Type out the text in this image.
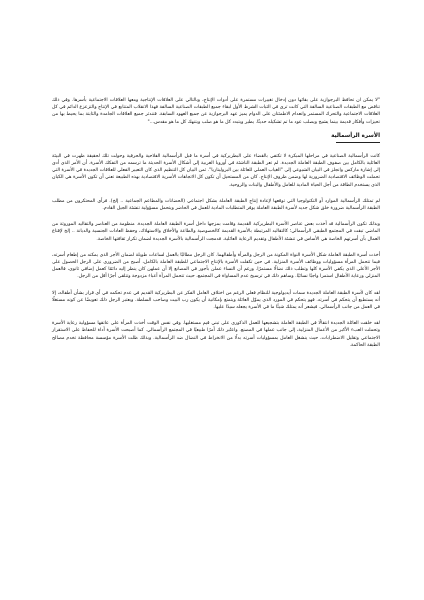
"لا يمكن ان تحافظ البرجوازية على بقائها دون إدخال تغييرات مستمرة على أدوات الإنتاج، وبالتالي على العلاقات الإنتاجية ومعها العلاقات الاجتماعية بأسرها. وفي ذلك تناقض مع الطبقات الصناعية السالفة التي كانت ترى في الثبات الشرط الأول لبقاء جميع الطبقات الصناعية السالفة فهذا الانقلاب المتتابع في الإنتاج والتزعزع الدائم في كل العلاقات الاجتماعية والتحرك المستمر وانعدام الاطمئنان على الدوام يميز عهد البرجوازية عن جميع العهود السابقة. فتندثر جميع العلاقات الجامدة والثابتة بما يحيط بها من تحيزات وأفكار قديمة بينما يشيخ ويصلب عود ما تم تشكيله حديثًا. يطير ويتبدد كل ما هو صلب ويتنهك كل ما هو مقدس..."

الأسرة الرأسمالية

كانت الرأسمالية الصناعية في مراحلها المبكرة لا تكتفي بالقضاء على البطريركية في أسرة ما قبل الرأسمالية الفلاحية والحرفية وحولت تلك لحقيقة ظهرت في البيئة العائلية بالكامل بين صفوف الطبقة العاملة الجديدة. لم تعر الطبقة الناشئة في أوروبا الغربية إلى أشكال الأسرة الحديثة ما ترسمه من التفكك الأسرة. أن الأمر الذي أدى إلى إشارة ماركس وانجلز في البيان الشيوعي إلى "الغياب العملي للعائلة بين البروليتاريا". ثمن البيان كل التنظيم الذي كان التعبير الفعلي للعلاقات الجديدة في الأسرة التي تحملت الوظائف الاقتصادية الضرورية لها وضمن ظروف الإنتاج. كان من المستحيل أن تكون كل الاتجاهات الأسرية الاقتصادية بهذه الطبيعة تعني أن تكون الأسرة هي الكيان الذي يستخدم الطاقة من أجل الحياة المادية للعامل والأطفال والبنات والروحية.

لم تمتلك الرأسمالية الموارد أو التكنولوجيا التي توقعها لإعادة إنتاج الطبقة العاملة بشكل اجتماعي (الحضانات والمطاعم الجماعية .. إلخ). فرأى المحتكرون من مطلب الطبقة الرأسمالية ضرورة خلق شكل جديد لأسرة الطبقة العاملة يوفر المتطلبات المادية للعمل في الحاضر ويتحمل مسؤولية تنشئة الجيل القادم.

وبذلك تكون الرأسمالية قد أخذت بعض عناصر الأسرة البطريركية القديمة وقامت بمزجها داخل أسرة الطبقة العاملة الجديدة. منظومة من العناصر والتقاليد الموروثة من الماضي تبقت في المجتمع الطبقي الرأسمالي؛ كالتقاليد المرتبطة بالأسرة القديمة كالخصوصية والطاعة والأخلاق والاستهلاك، وحفظ العادات الجنسية والديانة .. إلخ لإقناع العمال بأن أسرتهم الخاصة هي الأساس في تنشئة الأطفال وتقديم الرعاية العائلية. فدمجت الرأسمالية بالأسرة الجديدة لضمان تكرار ثقافتها الخاصة.

أخذت أسرة الطبقة العاملة شكل الأسرة النواة المكونة من الرجل والمرأة وأطفالهما. كان الرجل مطالبًا بالعمل لساعات طويلة لضمان الأجر الذي يمكنه من إطعام أسرته، فيما تتحمل المرأة مسؤوليات ووظائف الأسرة المنزلية. في حين تكفلت الأسرة بالإنتاج الاجتماعي للطبقة العاملة بالكامل، أصبح من الضروري على الرجل الحصول على الأجر الأعلى الذي يكفي الأسرة كلها وتطلب ذلك نضالًا مستمرًا. ورغم أن النساء عملن بأجور في المصانع إلا أن عملهن كان ينظر إليه دائمًا كعمل إضافي ثانوي، فالعمل المنزلي ورعاية الأطفال استمرا واجبًا نسائيًا. وساهم ذلك في ترسيخ عدم المساواة في المجتمع، حيث تتحمل المرأة أعباء مزدوجة وتتلقى أجرًا أقل من الرجل.

لقد كان لأسرة الطبقة العاملة الجديدة سمات أيديولوجية للنظام فعلى الرغم من اختلاف العامل الفكر عن البطريركية القديم في عدم تحكمه في أي قرار بشأن أطفاله، إلا أنه يستطيع أن يتحكم في أسرته. فهو يتحكم في المورد الذي يموّل العائلة ويتمتع بإمكانية أن يكون رب البيت وصاحب السلطة. ويعتبر الرجل ذلك تعويضًا عن كونه مستغلًا في العمل من جانب الرأسمالي. فيشعر أنه يمتلك شيئًا ما في الأسرة يجعله سيدًا عليها.

لقد خلقت العائلة الجديدة انتقالًا في الطبقة العاملة بتشجيعها للعمل الذكوري على تبني قيم مستغليها. وفي نفس الوقت أخذت المرأة على عاتقها مسؤولية رعاية الأسرة وتحملت العبء الأكبر من الأعمال المنزلية، إلى جانب عملها في المصنع. واعتُبر ذلك أمرًا طبيعيًا في المجتمع الرأسمالي. كما أصبحت الأسرة أداة للحفاظ على الاستقرار الاجتماعي وتقليل الاضطرابات، حيث ينشغل العامل بمسؤوليات أسرته بدلًا من الانخراط في النضال ضد الرأسمالية. وبذلك ظلت الأسرة مؤسسة محافظة تخدم مصالح الطبقة الحاكمة.
